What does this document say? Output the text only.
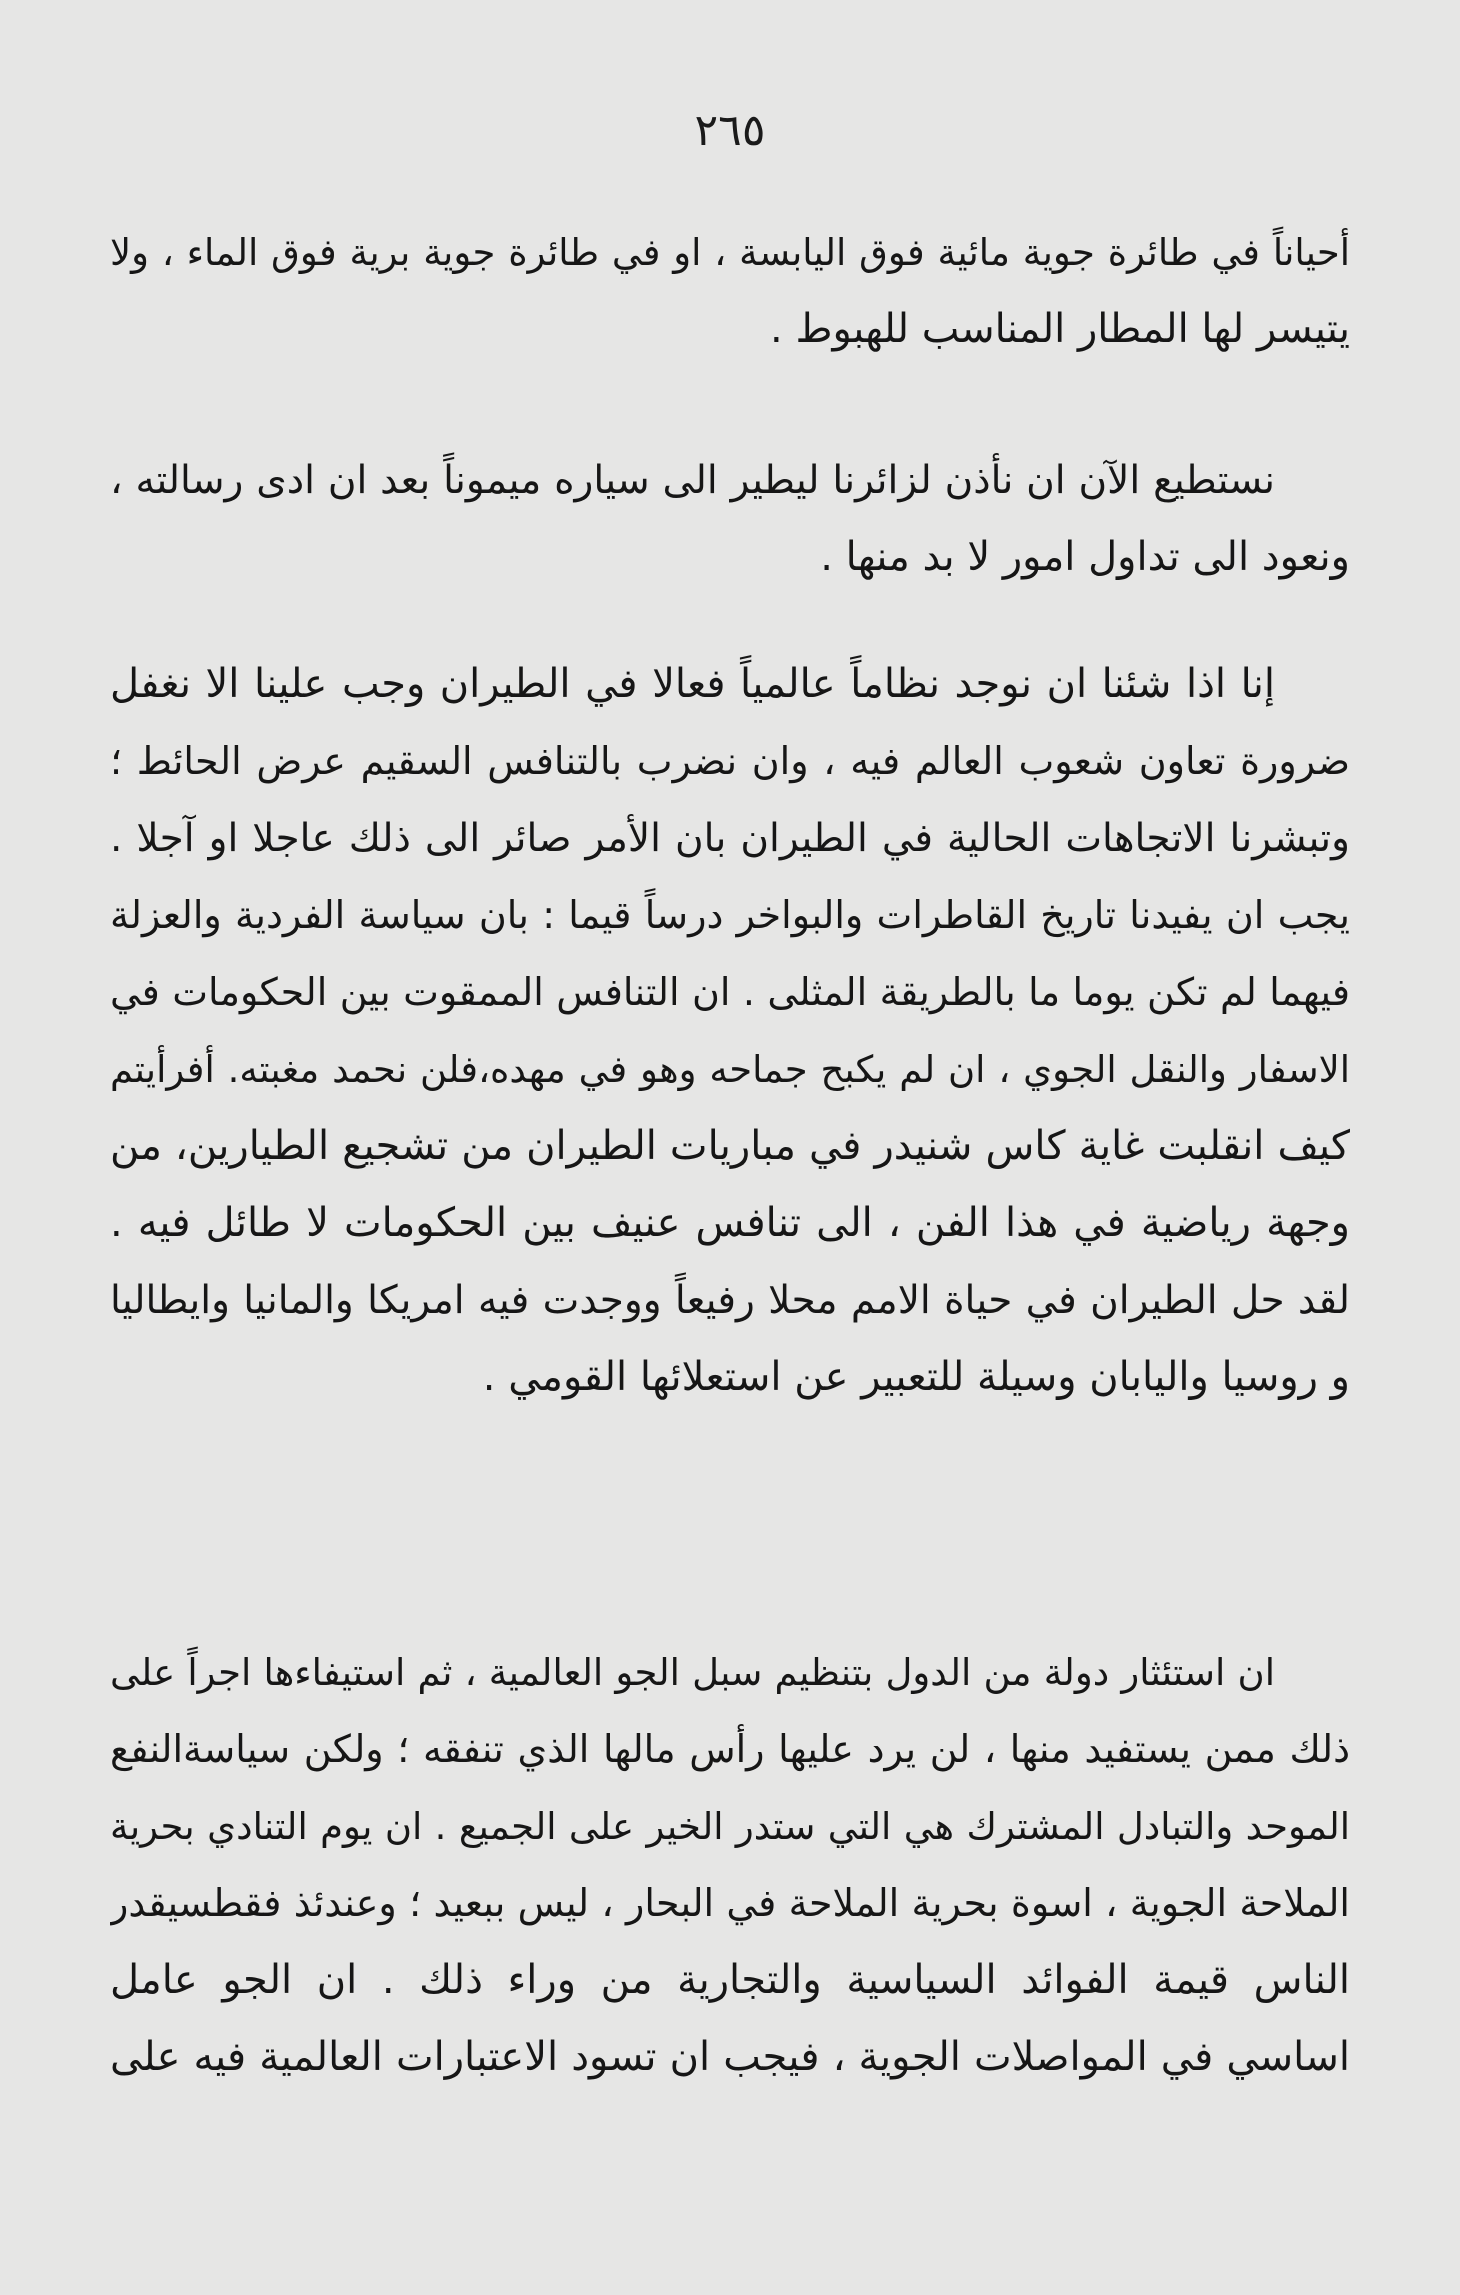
٢٦٥
أحياناً في طائرة جوية مائية فوق اليابسة ، او في طائرة جوية برية فوق الماء ، ولا
يتيسر لها المطار المناسب للهبوط .
نستطيع الآن ان نأذن لزائرنا ليطير الى سياره ميموناً بعد ان ادى رسالته ،
ونعود الى تداول امور لا بد منها .
إنا اذا شئنا ان نوجد نظاماً عالمياً فعالا في الطيران وجب علينا الا نغفل
ضرورة تعاون شعوب العالم فيه ، وان نضرب بالتنافس السقيم عرض الحائط ؛
وتبشرنا الاتجاهات الحالية في الطيران بان الأمر صائر الى ذلك عاجلا او آجلا .
يجب ان يفيدنا تاريخ القاطرات والبواخر درساً قيما : بان سياسة الفردية والعزلة
فيهما لم تكن يوما ما بالطريقة المثلى . ان التنافس الممقوت بين الحكومات في
الاسفار والنقل الجوي ، ان لم يكبح جماحه وهو في مهده،فلن نحمد مغبته. أفرأيتم
كيف انقلبت غاية كاس شنيدر في مباريات الطيران من تشجيع الطيارين، من
وجهة رياضية في هذا الفن ، الى تنافس عنيف بين الحكومات لا طائل فيه .
لقد حل الطيران في حياة الامم محلا رفيعاً ووجدت فيه امريكا والمانيا وايطاليا
و روسيا واليابان وسيلة للتعبير عن استعلائها القومي .
ان استئثار دولة من الدول بتنظيم سبل الجو العالمية ، ثم استيفاءها اجراً على
ذلك ممن يستفيد منها ، لن يرد عليها رأس مالها الذي تنفقه ؛ ولكن سياسةالنفع
الموحد والتبادل المشترك هي التي ستدر الخير على الجميع . ان يوم التنادي بحرية
الملاحة الجوية ، اسوة بحرية الملاحة في البحار ، ليس ببعيد ؛ وعندئذ فقطسيقدر
الناس قيمة الفوائد السياسية والتجارية من وراء ذلك . ان الجو عامل
اساسي في المواصلات الجوية ، فيجب ان تسود الاعتبارات العالمية فيه على
